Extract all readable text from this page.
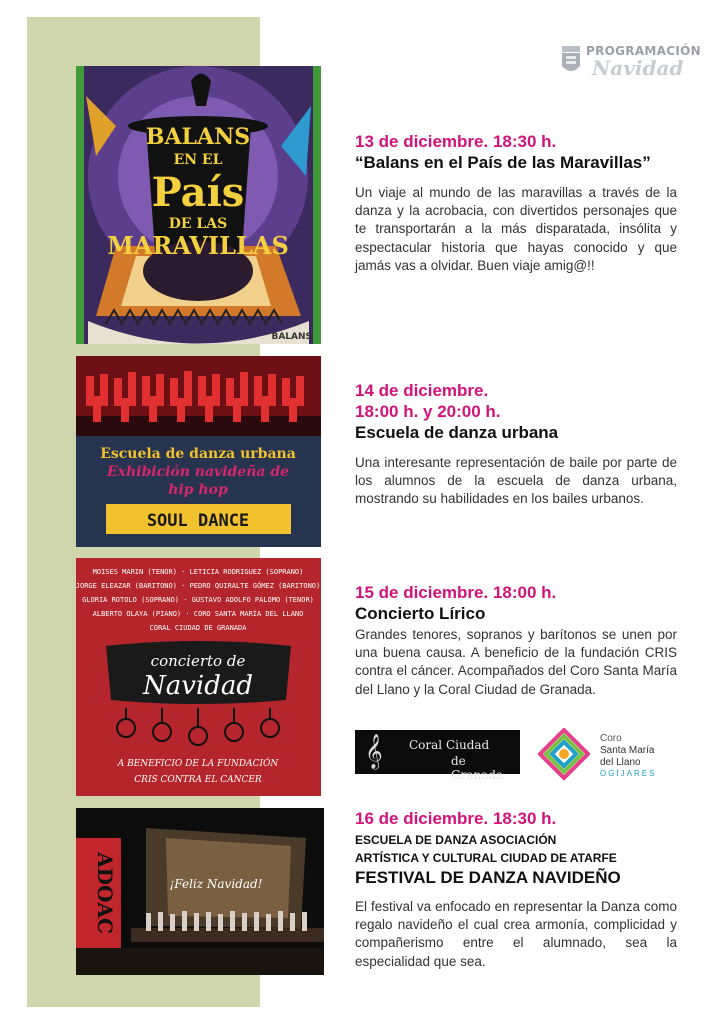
PROGRAMACIÓN
Navidad
BALANS
EN EL
País
DE LAS
MARAVILLAS
BALANS
Escuela de danza urbana
Exhibición navideña de
hip hop
SOUL DANCE
MOISES MARIN (TENOR) · LETICIA RODRIGUEZ (SOPRANO)
JORGE ELEAZAR (BARITONO) · PEDRO QUIRALTE GÓMEZ (BARITONO)
GLORIA ROTOLO (SOPRANO) · GUSTAVO ADOLFO PALOMO (TENOR)
ALBERTO OLAYA (PIANO) · CORO SANTA MARÍA DEL LLANO
CORAL CIUDAD DE GRANADA
concierto de
Navidad
A BENEFICIO DE LA FUNDACIÓN
CRIS CONTRA EL CANCER
ADOAC	¡Feliz Navidad!

13 de diciembre. 18:30 h.

“Balans en el País de las Maravillas”

Un viaje al mundo de las maravillas a través de la danza y la acrobacia, con divertidos personajes que te transportarán a la más disparatada, insólita y espectacular historia que hayas conocido y que jamás vas a olvidar. Buen viaje amig@!!

14 de diciembre.

18:00 h. y 20:00 h.

Escuela de danza urbana

Una interesante representación de baile por parte de los alumnos de la escuela de danza urbana, mostrando su habilidades en los bailes urbanos.

15 de diciembre. 18:00 h.

Concierto Lírico

Grandes tenores, sopranos y barítonos se unen por una buena causa. A beneficio de la fundación CRIS contra el cáncer. Acompañados del Coro Santa María del Llano y la Coral Ciudad de Granada.

𝄞 Coral Ciudad
de Granada
Coro
Santa María
del Llano
OGÍJARES

16 de diciembre. 18:30 h.

ESCUELA DE DANZA ASOCIACIÓN

ARTÍSTICA Y CULTURAL CIUDAD DE ATARFE

FESTIVAL DE DANZA NAVIDEÑO

El festival va enfocado en representar la Danza como regalo navideño el cual crea armonía, complicidad y compañerismo entre el alumnado, sea la especialidad que sea.
